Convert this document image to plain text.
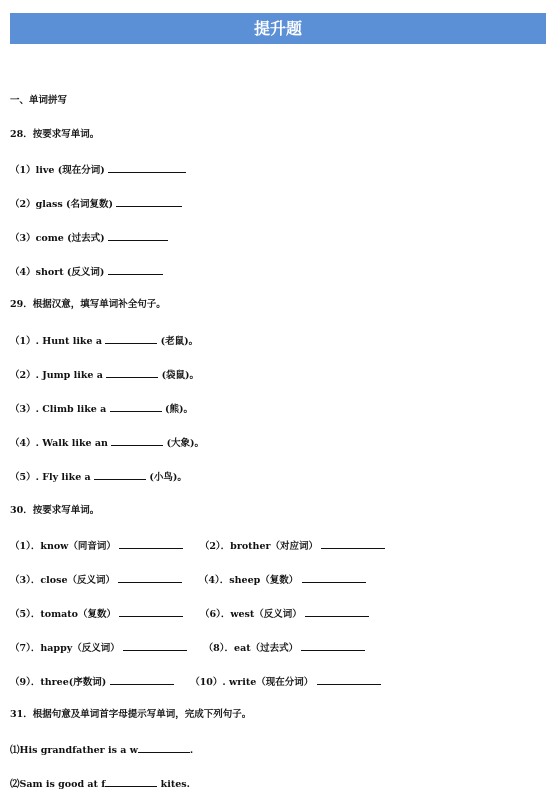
提升题
一、单词拼写
28．按要求写单词。
（1）live (现在分词)
（2）glass (名词复数)
（3）come (过去式)
（4）short (反义词)
29．根据汉意，填写单词补全句子。
（1）. Hunt like a	(老鼠)。
（2）. Jump like a	(袋鼠)。
（3）. Climb like a	(熊)。
（4）. Walk like an	(大象)。
（5）. Fly like a	(小鸟)。
30．按要求写单词。
（1）．know（同音词）	（2）．brother（对应词）
（3）．close（反义词）	（4）．sheep（复数）
（5）．tomato（复数）	（6）．west（反义词）
（7）．happy（反义词）	（8）．eat（过去式）
（9）．three(序数词)	（10）. write（现在分词）
31．根据句意及单词首字母提示写单词，完成下列句子。
⑴His grandfather is a w	.
⑵Sam is good at f	kites.
